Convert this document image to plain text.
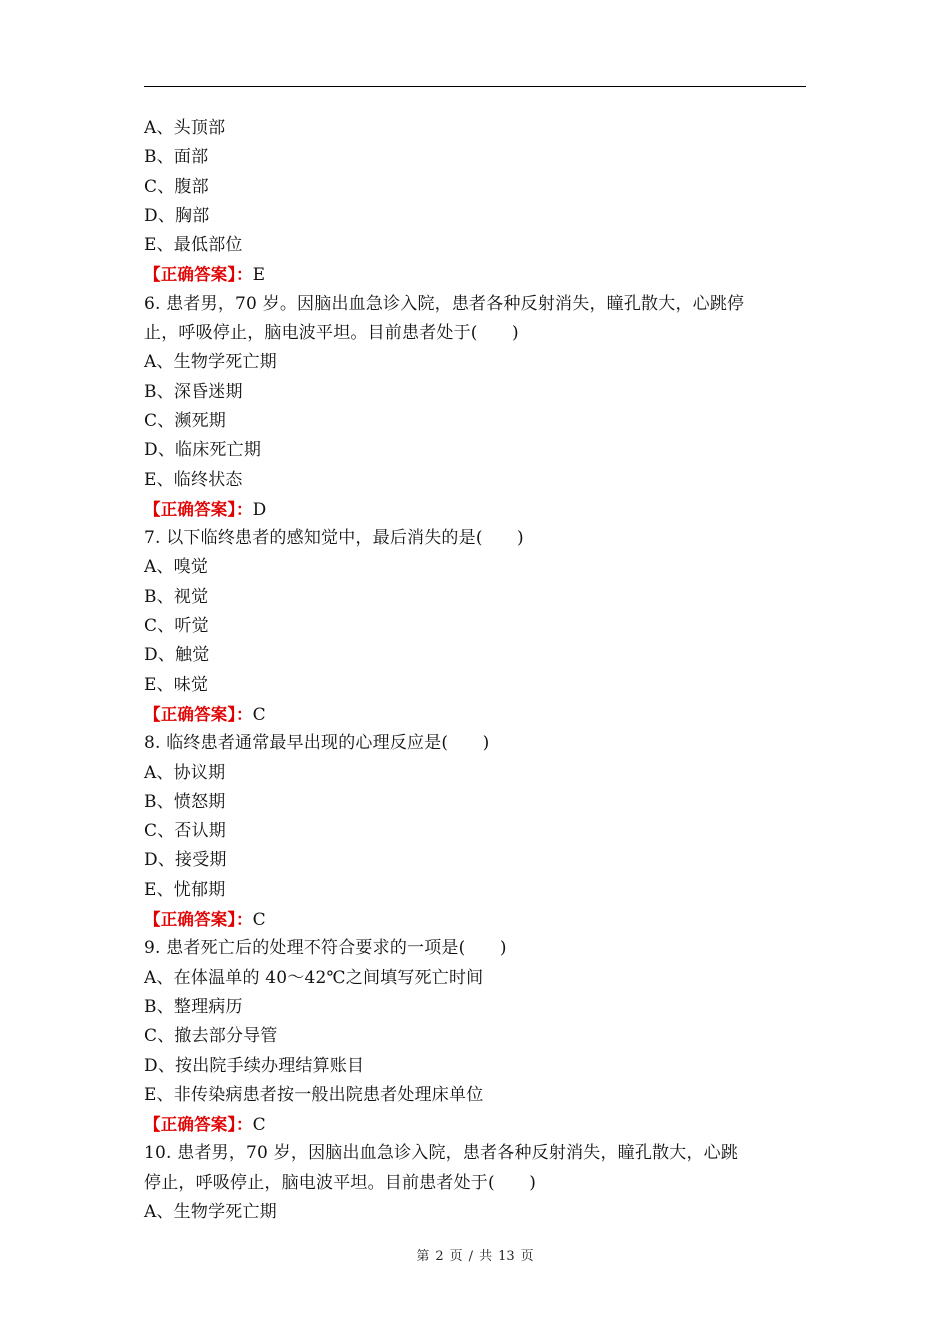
A、头顶部
B、面部
C、腹部
D、胸部
E、最低部位
【正确答案】：E
6. 患者男，70 岁。因脑出血急诊入院，患者各种反射消失，瞳孔散大，心跳停
止，呼吸停止，脑电波平坦。目前患者处于(　　)
A、生物学死亡期
B、深昏迷期
C、濒死期
D、临床死亡期
E、临终状态
【正确答案】：D
7. 以下临终患者的感知觉中，最后消失的是(　　)
A、嗅觉
B、视觉
C、听觉
D、触觉
E、味觉
【正确答案】：C
8. 临终患者通常最早出现的心理反应是(　　)
A、协议期
B、愤怒期
C、否认期
D、接受期
E、忧郁期
【正确答案】：C
9. 患者死亡后的处理不符合要求的一项是(　　)
A、在体温单的 40～42℃之间填写死亡时间
B、整理病历
C、撤去部分导管
D、按出院手续办理结算账目
E、非传染病患者按一般出院患者处理床单位
【正确答案】：C
10. 患者男，70 岁，因脑出血急诊入院，患者各种反射消失，瞳孔散大，心跳
停止，呼吸停止，脑电波平坦。目前患者处于(　　)
A、生物学死亡期
第 2 页 / 共 13 页
